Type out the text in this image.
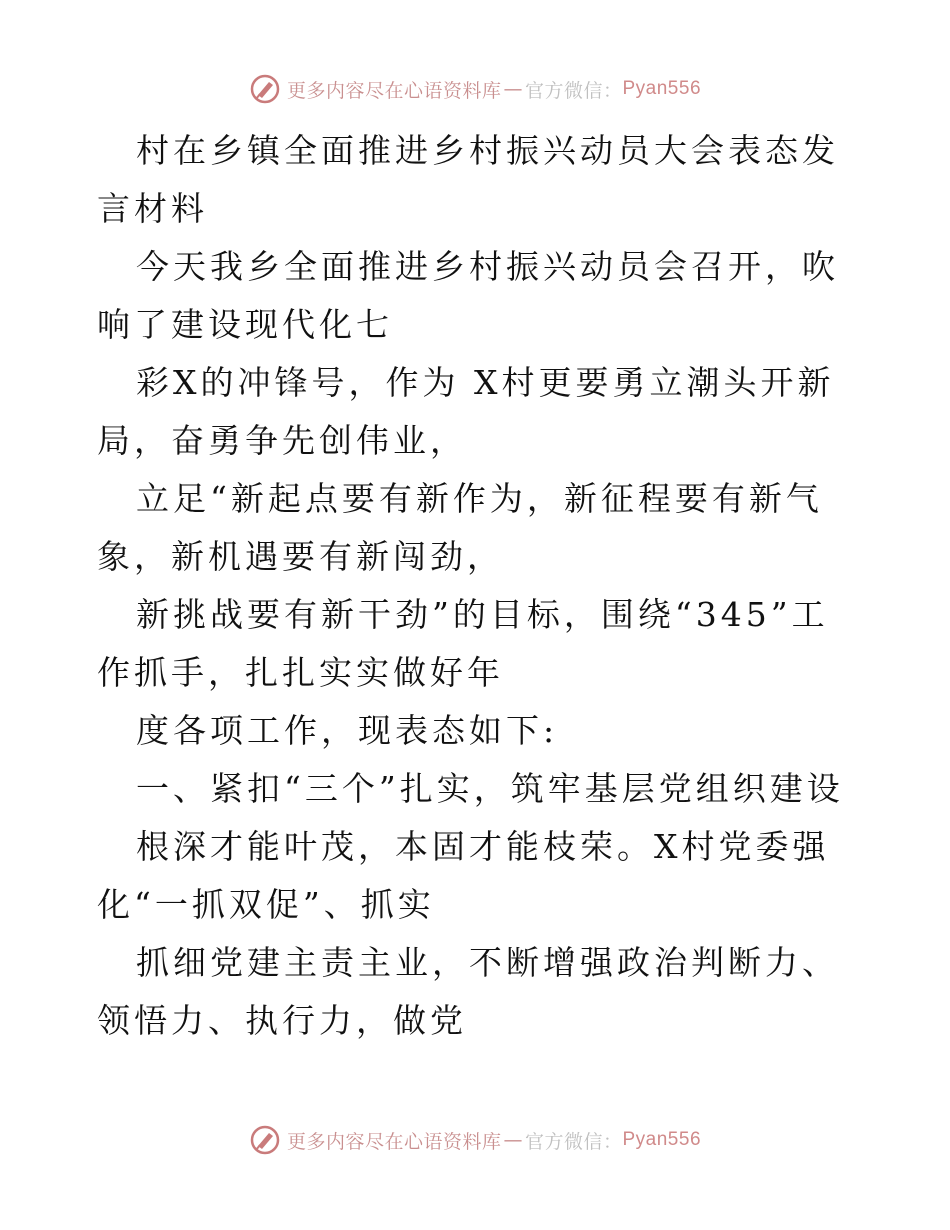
更多内容尽在心语资料库 — 官方微信： Pyan556

村在乡镇全面推进乡村振兴动员大会表态发言材料

今天我乡全面推进乡村振兴动员会召开，吹响了建设现代化七

彩X的冲锋号，作为 X村更要勇立潮头开新局，奋勇争先创伟业，

立足“新起点要有新作为，新征程要有新气象，新机遇要有新闯劲，

新挑战要有新干劲”的目标，围绕“345”工作抓手，扎扎实实做好年

度各项工作，现表态如下:

一、紧扣“三个”扎实，筑牢基层党组织建设

根深才能叶茂，本固才能枝荣。X村党委强化“一抓双促”、抓实

抓细党建主责主业，不断增强政治判断力、领悟力、执行力，做党

更多内容尽在心语资料库 — 官方微信： Pyan556
